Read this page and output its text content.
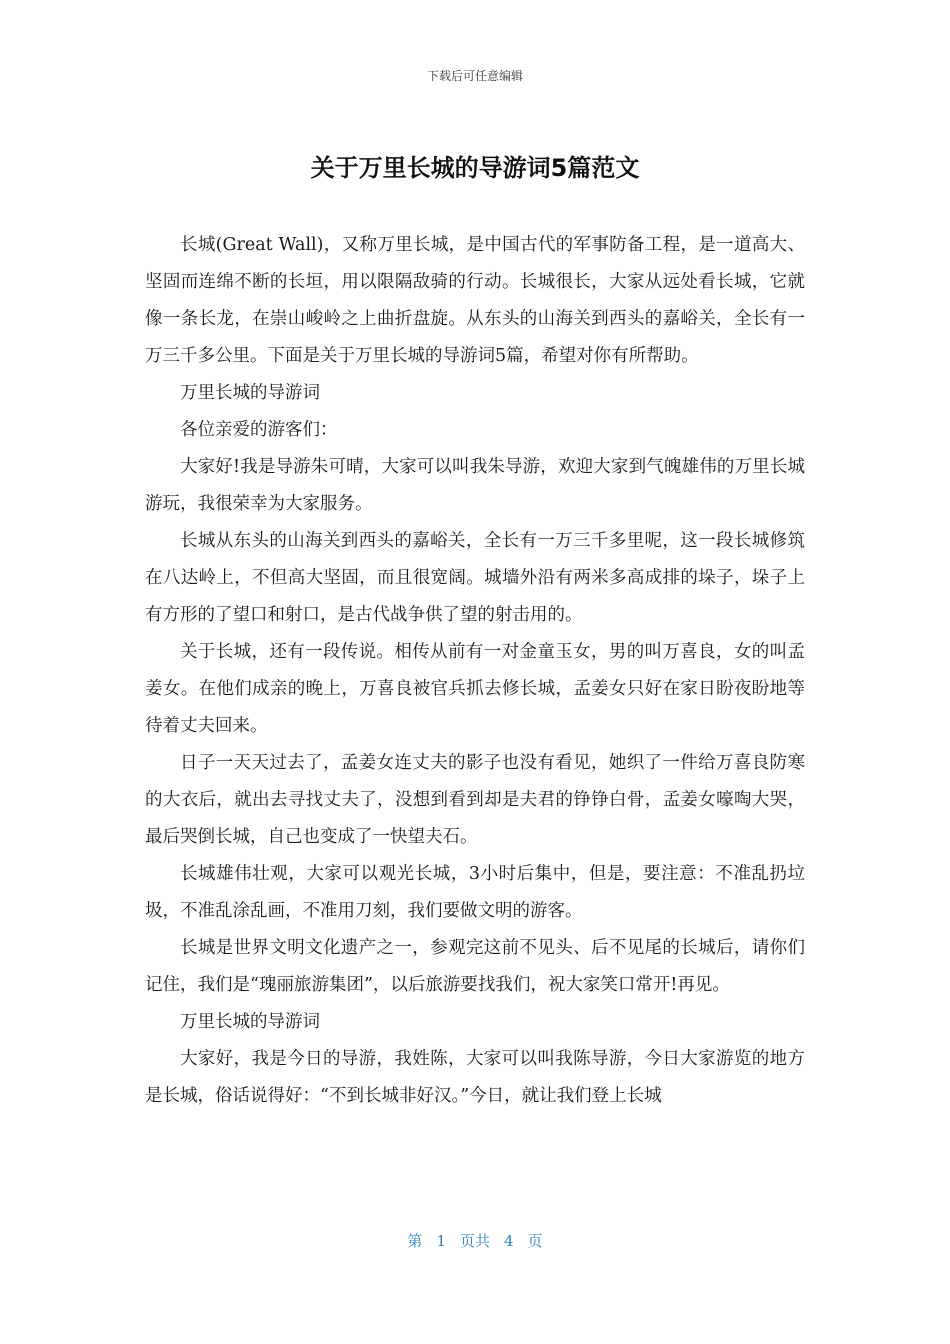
下载后可任意编辑
关于万里长城的导游词5篇范文

长城(Great Wall)，又称万里长城，是中国古代的军事防备工程，是一道高大、坚固而连绵不断的长垣，用以限隔敌骑的行动。长城很长，大家从远处看长城，它就像一条长龙，在崇山峻岭之上曲折盘旋。从东头的山海关到西头的嘉峪关，全长有一万三千多公里。下面是关于万里长城的导游词5篇，希望对你有所帮助。

万里长城的导游词

各位亲爱的游客们：

大家好!我是导游朱可晴，大家可以叫我朱导游，欢迎大家到气魄雄伟的万里长城游玩，我很荣幸为大家服务。

长城从东头的山海关到西头的嘉峪关，全长有一万三千多里呢，这一段长城修筑在八达岭上，不但高大坚固，而且很宽阔。城墙外沿有两米多高成排的垛子，垛子上有方形的了望口和射口，是古代战争供了望的射击用的。

关于长城，还有一段传说。相传从前有一对金童玉女，男的叫万喜良，女的叫孟姜女。在他们成亲的晚上，万喜良被官兵抓去修长城，孟姜女只好在家日盼夜盼地等待着丈夫回来。

日子一天天过去了，孟姜女连丈夫的影子也没有看见，她织了一件给万喜良防寒的大衣后，就出去寻找丈夫了，没想到看到却是夫君的铮铮白骨，孟姜女嚎啕大哭，最后哭倒长城，自己也变成了一快望夫石。

长城雄伟壮观，大家可以观光长城，3小时后集中，但是，要注意：不准乱扔垃圾，不准乱涂乱画，不准用刀刻，我们要做文明的游客。

长城是世界文明文化遗产之一，参观完这前不见头、后不见尾的长城后，请你们记住，我们是“瑰丽旅游集团”，以后旅游要找我们，祝大家笑口常开!再见。

万里长城的导游词

大家好，我是今日的导游，我姓陈，大家可以叫我陈导游，今日大家游览的地方是长城，俗话说得好：“不到长城非好汉。”今日，就让我们登上长城

第 1 页共 4 页
